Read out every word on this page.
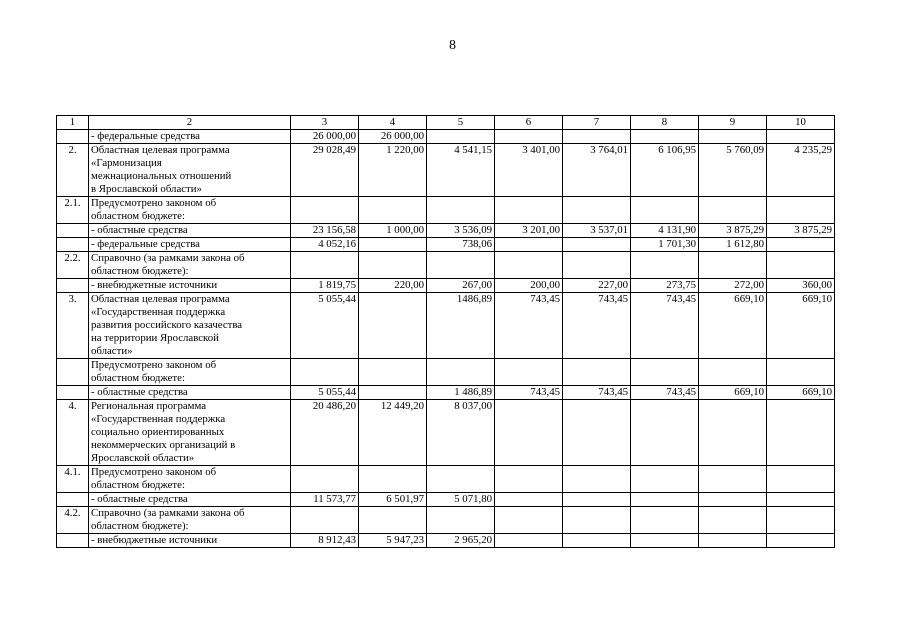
8
1	2	3	4	5	6	7	8	9	10
	- федеральные средства	26 000,00	26 000,00						
2.	Областная целевая программа
«Гармонизация
межнациональных отношений
в Ярославской области»	29 028,49	1 220,00	4 541,15	3 401,00	3 764,01	6 106,95	5 760,09	4 235,29
2.1.	Предусмотрено законом об
областном бюджете:								
	- областные средства	23 156,58	1 000,00	3 536,09	3 201,00	3 537,01	4 131,90	3 875,29	3 875,29
	- федеральные средства	4 052,16		738,06			1 701,30	1 612,80	
2.2.	Справочно (за рамками закона об
областном бюджете):								
	- внебюджетные источники	1 819,75	220,00	267,00	200,00	227,00	273,75	272,00	360,00
3.	Областная целевая программа
«Государственная поддержка
развития российского казачества
на территории Ярославской
области»	5 055,44		1486,89	743,45	743,45	743,45	669,10	669,10
	Предусмотрено законом об
областном бюджете:								
	- областные средства	5 055,44		1 486,89	743,45	743,45	743,45	669,10	669,10
4.	Региональная программа
«Государственная поддержка
социально ориентированных
некоммерческих организаций в
Ярославской области»	20 486,20	12 449,20	8 037,00					
4.1.	Предусмотрено законом об
областном бюджете:								
	- областные средства	11 573,77	6 501,97	5 071,80					
4.2.	Справочно (за рамками закона об
областном бюджете):								
	- внебюджетные источники	8 912,43	5 947,23	2 965,20					
